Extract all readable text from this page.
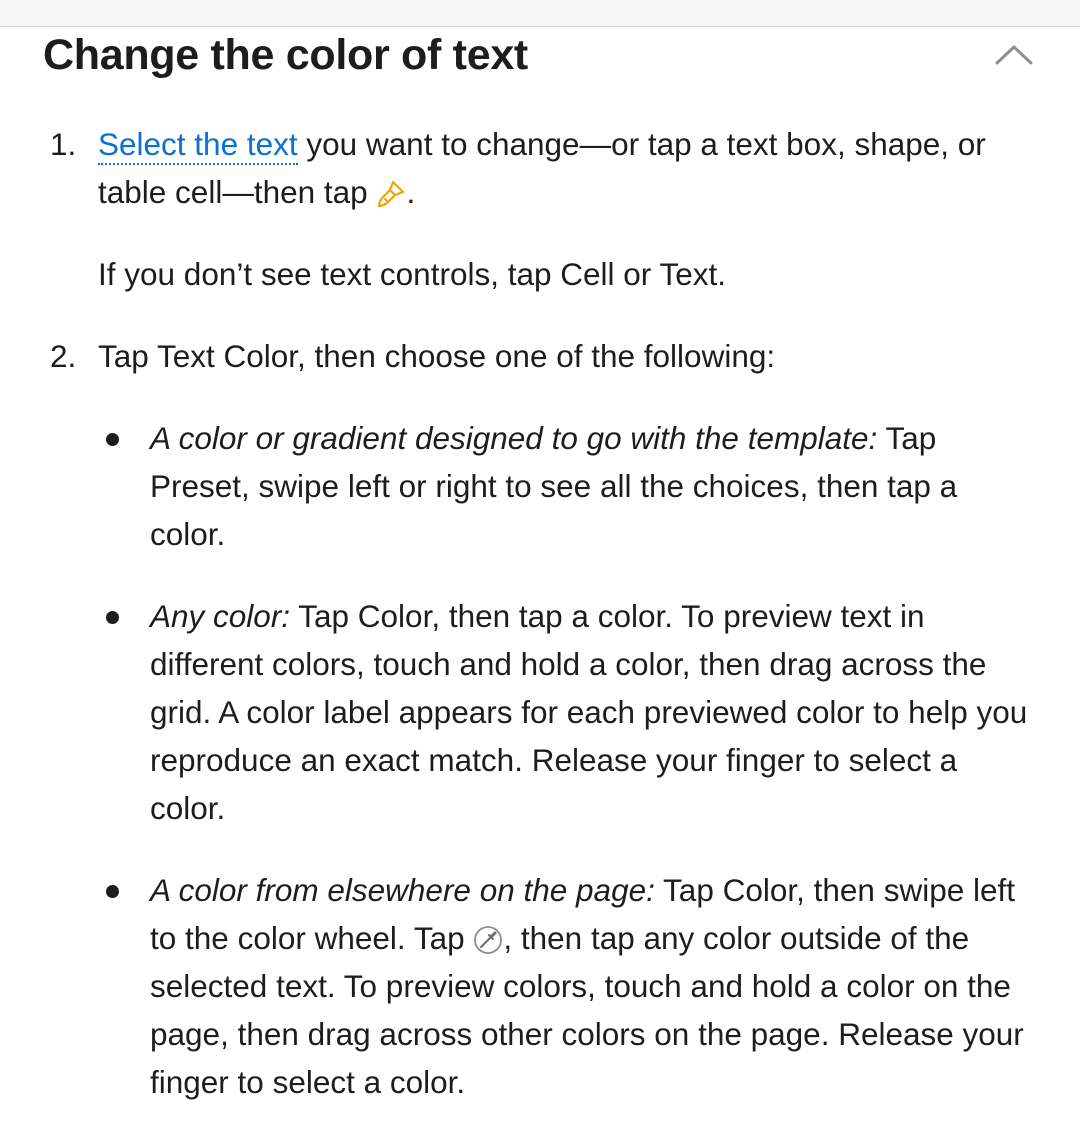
Change the color of text
1. Select the text you want to change—or tap a text box, shape, or table cell—then tap .

If you don’t see text controls, tap Cell or Text.

2. Tap Text Color, then choose one of the following:

A color or gradient designed to go with the template: Tap Preset, swipe left or right to see all the choices, then tap a color.

Any color: Tap Color, then tap a color. To preview text in different colors, touch and hold a color, then drag across the grid. A color label appears for each previewed color to help you reproduce an exact match. Release your finger to select a color.

A color from elsewhere on the page: Tap Color, then swipe left to the color wheel. Tap , then tap any color outside of the selected text. To preview colors, touch and hold a color on the page, then drag across other colors on the page. Release your finger to select a color.
